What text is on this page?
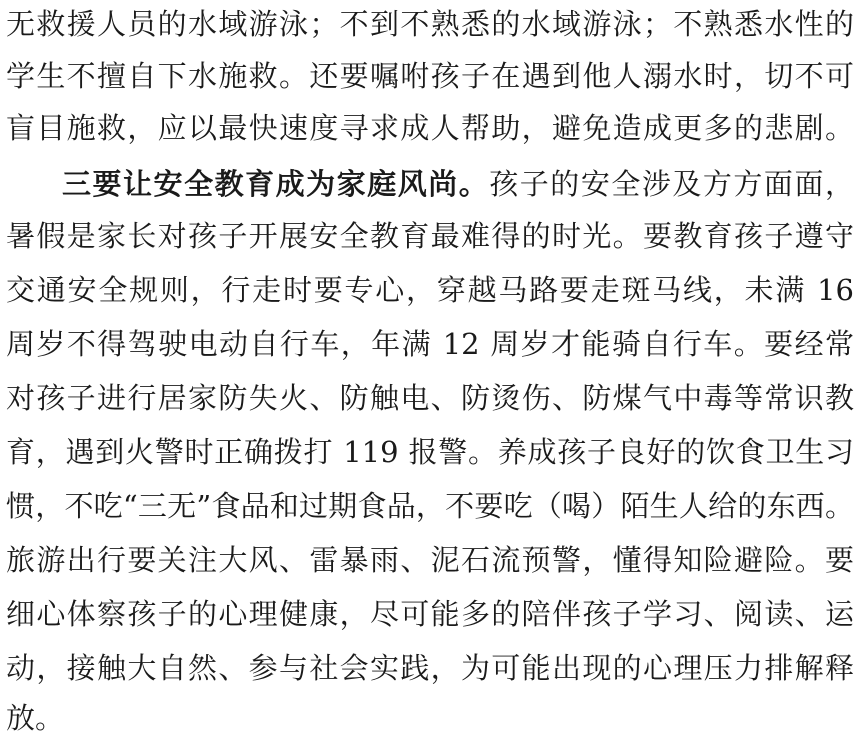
无救援人员的水域游泳；不到不熟悉的水域游泳；不熟悉水性的
学生不擅自下水施救。还要嘱咐孩子在遇到他人溺水时，切不可
盲目施救，应以最快速度寻求成人帮助，避免造成更多的悲剧。
三要让安全教育成为家庭风尚。孩子的安全涉及方方面面，
暑假是家长对孩子开展安全教育最难得的时光。要教育孩子遵守
交通安全规则，行走时要专心，穿越马路要走斑马线，未满 16
周岁不得驾驶电动自行车，年满 12 周岁才能骑自行车。要经常
对孩子进行居家防失火、防触电、防烫伤、防煤气中毒等常识教
育，遇到火警时正确拨打 119 报警。养成孩子良好的饮食卫生习
惯，不吃“三无”食品和过期食品，不要吃（喝）陌生人给的东西。
旅游出行要关注大风、雷暴雨、泥石流预警，懂得知险避险。要
细心体察孩子的心理健康，尽可能多的陪伴孩子学习、阅读、运
动，接触大自然、参与社会实践，为可能出现的心理压力排解释
放。
